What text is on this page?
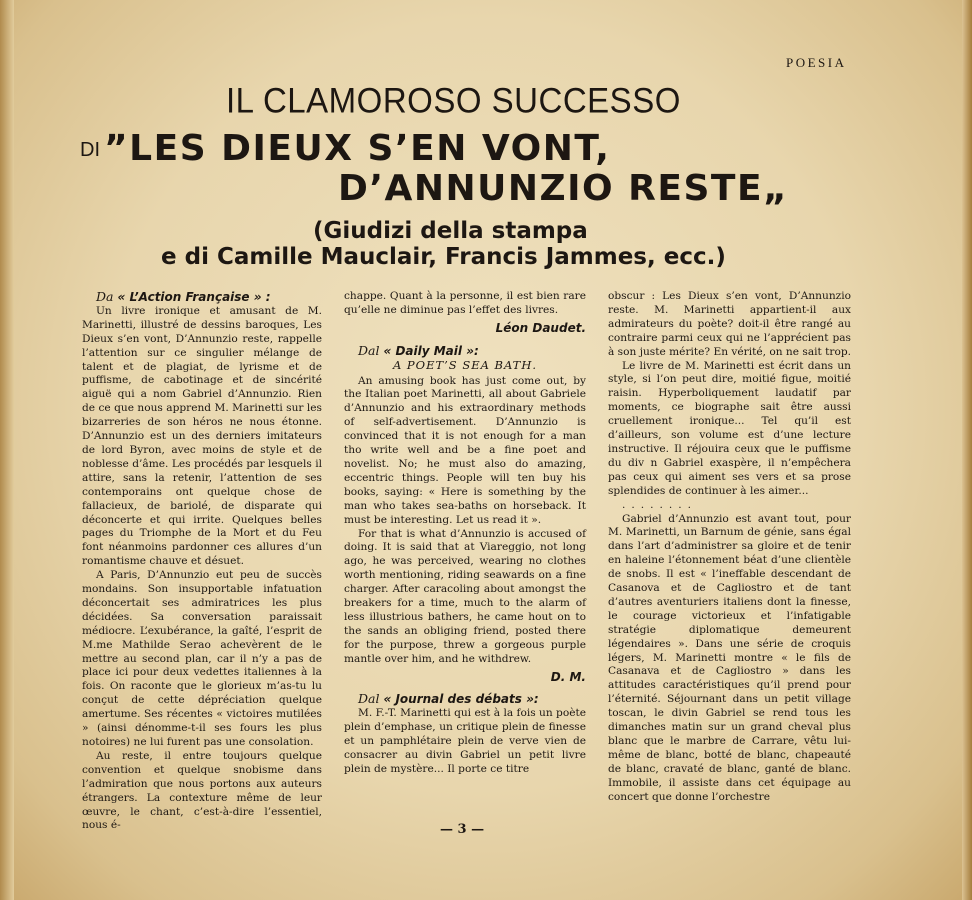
POESIA
IL CLAMOROSO SUCCESSO
DI ”LES DIEUX S’EN VONT,
D’ANNUNZIO RESTE„
(Giudizi della stampa
e di Camille Mauclair, Francis Jammes, ecc.)

Da « L’Action Française » :

Un livre ironique et amusant de M. Marinetti, illustré de dessins baroques, Les Dieux s’en vont, D’Annunzio reste, rappelle l’attention sur ce singulier mélange de talent et de plagiat, de lyrisme et de puffisme, de cabotinage et de sincérité aiguë qui a nom Gabriel d’Annunzio. Rien de ce que nous apprend M. Marinetti sur les bizarreries de son héros ne nous étonne. D’Annunzio est un des derniers imitateurs de lord Byron, avec moins de style et de noblesse d’âme. Les procédés par lesquels il attire, sans la retenir, l’attention de ses contemporains ont quelque chose de fallacieux, de bariolé, de disparate qui déconcerte et qui irrite. Quelques belles pages du Triomphe de la Mort et du Feu font néanmoins pardonner ces allures d’un romantisme chauve et désuet.

A Paris, D’Annunzio eut peu de succès mondains. Son insupportable infatuation déconcertait ses admiratrices les plus décidées. Sa conversation paraissait médiocre. L’exubérance, la gaîté, l’esprit de M.me Mathilde Serao achevèrent de le mettre au second plan, car il n’y a pas de place ici pour deux vedettes italiennes à la fois. On raconte que le glorieux m’as-tu lu conçut de cette dépréciation quelque amertume. Ses récentes « victoires mutilées » (ainsi dénomme-t-il ses fours les plus notoires) ne lui furent pas une consolation.

Au reste, il entre toujours quelque convention et quelque snobisme dans l’admiration que nous portons aux auteurs étrangers. La contexture même de leur œuvre, le chant, c’est-à-dire l’essentiel, nous é-

chappe. Quant à la personne, il est bien rare qu’elle ne diminue pas l’effet des livres.

Léon Daudet.

Dal « Daily Mail »:

A POET’S SEA BATH.

An amusing book has just come out, by the Italian poet Marinetti, all about Gabriele d’Annunzio and his extraordinary methods of self-advertisement. D’Annunzio is convinced that it is not enough for a man tho write well and be a fine poet and novelist. No; he must also do amazing, eccentric things. People will ten buy his books, saying: « Here is something by the man who takes sea-baths on horseback. It must be interesting. Let us read it ».

For that is what d’Annunzio is accused of doing. It is said that at Viareggio, not long ago, he was perceived, wearing no clothes worth mentioning, riding seawards on a fine charger. After caracoling about amongst the breakers for a time, much to the alarm of less illustrious bathers, he came hout on to the sands an obliging friend, posted there for the purpose, threw a gorgeous purple mantle over him, and he withdrew.

D. M.

Dal « Journal des débats »:

M. F.-T. Marinetti qui est à la fois un poète plein d’emphase, un critique plein de finesse et un pamphlétaire plein de verve vien de consacrer au divin Gabriel un petit livre plein de mystère... Il porte ce titre

obscur : Les Dieux s’en vont, D’Annunzio reste. M. Marinetti appartient-il aux admirateurs du poète? doit-il être rangé au contraire parmi ceux qui ne l’apprécient pas à son juste mérite? En vérité, on ne sait trop.

Le livre de M. Marinetti est écrit dans un style, si l’on peut dire, moitié figue, moitié raisin. Hyperboliquement laudatif par moments, ce biographe sait être aussi cruellement ironique... Tel qu’il est d’ailleurs, son volume est d’une lecture instructive. Il réjouira ceux que le puffisme du div n Gabriel exaspère, il n’empêchera pas ceux qui aiment ses vers et sa prose splendides de continuer à les aimer...

........

Gabriel d’Annunzio est avant tout, pour M. Marinetti, un Barnum de génie, sans égal dans l’art d’administrer sa gloire et de tenir en haleine l’étonnement béat d’une clientèle de snobs. Il est « l’ineffable descendant de Casanova et de Cagliostro et de tant d’autres aventuriers italiens dont la finesse, le courage victorieux et l’infatigable stratégie diplomatique demeurent légendaires ». Dans une série de croquis légers, M. Marinetti montre « le fils de Casanava et de Cagliostro » dans les attitudes caractéristiques qu’il prend pour l’éternité. Séjournant dans un petit village toscan, le divin Gabriel se rend tous les dimanches matin sur un grand cheval plus blanc que le marbre de Carrare, vêtu lui-même de blanc, botté de blanc, chapeauté de blanc, cravaté de blanc, ganté de blanc. Immobile, il assiste dans cet équipage au concert que donne l’orchestre

— 3 —
